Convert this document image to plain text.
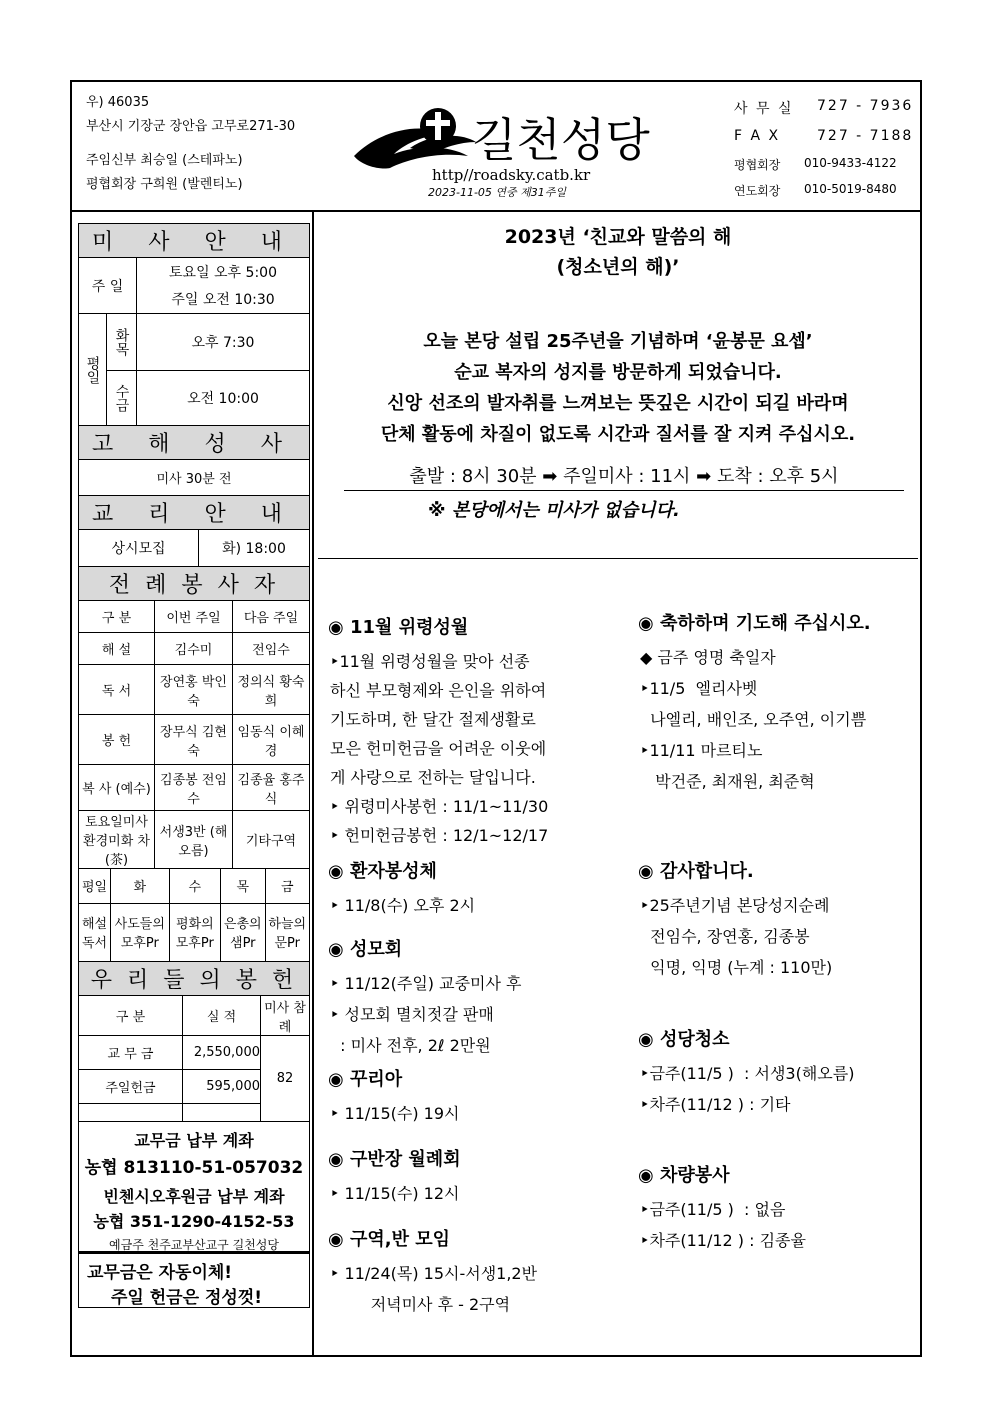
우) 46035
부산시 기장군 장안읍 고무로271-30
주임신부 최승일 (스테파노)
평협회장 구희원 (발렌티노)
길천성당
http//roadsky.catb.kr
2023-11-05 연중 제31주일
사 무 실 727 - 7936
F A X	727 - 7188
평협회장 010-9433-4122
연도회장 010-5019-8480
미 사 안 내		
주 일		토요일 오후 5:00
		주일 오전 10:30
평일	화목	오후 7:30
	수금	오전 10:00
고 해 성 사		
미사 30분 전		
교 리 안 내		
상시모집	화) 18:00
전 례 봉 사 자
구 분	이번 주일	다음 주일
해 설	김수미	전임수
독 서	장연홍 박인숙	정의식 황숙희
봉 헌	장무식 김현숙	임동식 이혜경
복 사 (예수)	김종봉 전임수	김종율 홍주식
토요일미사 환경미화 차(茶)	서생3반 (해오름)	기타구역
평일	화	수	목	금
해설 독서	사도들의 모후Pr	평화의 모후Pr	은총의 샘Pr	하늘의 문Pr
우 리 들 의 봉 헌		
구 분	실 적	미사 참례
교 무 금	2,550,000	82
주일헌금	595,000	

교무금 납부 계좌
농협 813110-51-057032
빈첸시오후원금 납부 계좌
농협 351-1290-4152-53
예금주 천주교부산교구 길천성당
교무금은 자동이체!
주일 헌금은 정성껏!
2023년 ‘친교와 말씀의 해
(청소년의 해)’
오늘 본당 설립 25주년을 기념하며 ‘윤봉문 요셉’
순교 복자의 성지를 방문하게 되었습니다.
신앙 선조의 발자취를 느껴보는 뜻깊은 시간이 되길 바라며
단체 활동에 차질이 없도록 시간과 질서를 잘 지켜 주십시오.
출발 : 8시 30분 ➡ 주일미사 : 11시 ➡ 도착 : 오후 5시
※ 본당에서는 미사가 없습니다.
◉ 11월 위령성월
‣11월 위령성월을 맞아 선종
하신 부모형제와 은인을 위하여
기도하며, 한 달간 절제생활로
모은 헌미헌금을 어려운 이웃에
게 사랑으로 전하는 달입니다.
‣ 위령미사봉헌 : 11/1~11/30
‣ 헌미헌금봉헌 : 12/1~12/17
◉ 환자봉성체
‣ 11/8(수) 오후 2시
◉ 성모회
‣ 11/12(주일) 교중미사 후
‣ 성모회 멸치젓갈 판매
: 미사 전후, 2ℓ 2만원
◉ 꾸리아
‣ 11/15(수) 19시
◉ 구반장 월례회
‣ 11/15(수) 12시
◉ 구역,반 모임
‣ 11/24(목) 15시-서생1,2반
저녁미사 후 - 2구역
◉ 축하하며 기도해 주십시오.
◆ 금주 영명 축일자
‣11/5  엘리사벳
나엘리, 배인조, 오주연, 이기쁨
‣11/11 마르티노
박건준, 최재원, 최준혁
◉ 감사합니다.
‣25주년기념 본당성지순례
전임수, 장연홍, 김종봉
익명, 익명 (누계 : 110만)
◉ 성당청소
‣금주(11/5 )  : 서생3(해오름)
‣차주(11/12 ) : 기타
◉ 차량봉사
‣금주(11/5 )  : 없음
‣차주(11/12 ) : 김종율
